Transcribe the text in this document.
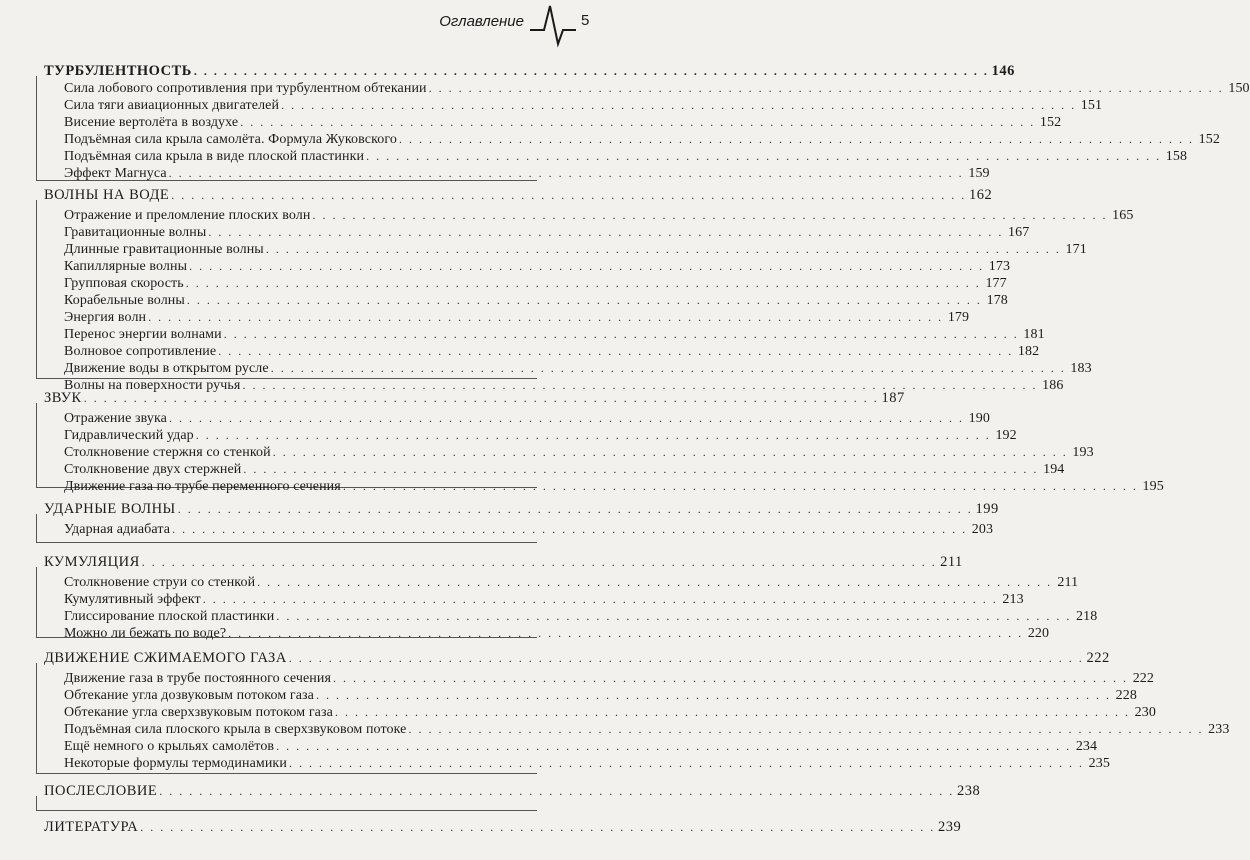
Оглавление	5
ТУРБУЛЕНТНОСТЬ . . . . . . . . . . . . . . . . . . . . . . . . . . . . . . . . . . . . . . . . . . . . . . . . . . . . . . . . . . . . . . . . . . . . . . . . . . . . . . . . 146
Сила лобового сопротивления при турбулентном обтекании . . . . . . . . . . . . . . . . . . . . . . . . . . . . . . . . . . . . . . . . . . . . . . . . . . . . . . . . . . . . . . . . . . . . . . . . . . . . . . . . 150
Сила тяги авиационных двигателей . . . . . . . . . . . . . . . . . . . . . . . . . . . . . . . . . . . . . . . . . . . . . . . . . . . . . . . . . . . . . . . . . . . . . . . . . . . . . . . . 151
Висение вертолёта в воздухе . . . . . . . . . . . . . . . . . . . . . . . . . . . . . . . . . . . . . . . . . . . . . . . . . . . . . . . . . . . . . . . . . . . . . . . . . . . . . . . . 152
Подъёмная сила крыла самолёта. Формула Жуковского . . . . . . . . . . . . . . . . . . . . . . . . . . . . . . . . . . . . . . . . . . . . . . . . . . . . . . . . . . . . . . . . . . . . . . . . . . . . . . . . 152
Подъёмная сила крыла в виде плоской пластинки . . . . . . . . . . . . . . . . . . . . . . . . . . . . . . . . . . . . . . . . . . . . . . . . . . . . . . . . . . . . . . . . . . . . . . . . . . . . . . . . 158
Эффект Магнуса . . . . . . . . . . . . . . . . . . . . . . . . . . . . . . . . . . . . . . . . . . . . . . . . . . . . . . . . . . . . . . . . . . . . . . . . . . . . . . . . 159
ВОЛНЫ НА ВОДЕ . . . . . . . . . . . . . . . . . . . . . . . . . . . . . . . . . . . . . . . . . . . . . . . . . . . . . . . . . . . . . . . . . . . . . . . . . . . . . . . . 162
Отражение и преломление плоских волн . . . . . . . . . . . . . . . . . . . . . . . . . . . . . . . . . . . . . . . . . . . . . . . . . . . . . . . . . . . . . . . . . . . . . . . . . . . . . . . . 165
Гравитационные волны . . . . . . . . . . . . . . . . . . . . . . . . . . . . . . . . . . . . . . . . . . . . . . . . . . . . . . . . . . . . . . . . . . . . . . . . . . . . . . . . 167
Длинные гравитационные волны . . . . . . . . . . . . . . . . . . . . . . . . . . . . . . . . . . . . . . . . . . . . . . . . . . . . . . . . . . . . . . . . . . . . . . . . . . . . . . . . 171
Капиллярные волны . . . . . . . . . . . . . . . . . . . . . . . . . . . . . . . . . . . . . . . . . . . . . . . . . . . . . . . . . . . . . . . . . . . . . . . . . . . . . . . . 173
Групповая скорость . . . . . . . . . . . . . . . . . . . . . . . . . . . . . . . . . . . . . . . . . . . . . . . . . . . . . . . . . . . . . . . . . . . . . . . . . . . . . . . . 177
Корабельные волны . . . . . . . . . . . . . . . . . . . . . . . . . . . . . . . . . . . . . . . . . . . . . . . . . . . . . . . . . . . . . . . . . . . . . . . . . . . . . . . . 178
Энергия волн . . . . . . . . . . . . . . . . . . . . . . . . . . . . . . . . . . . . . . . . . . . . . . . . . . . . . . . . . . . . . . . . . . . . . . . . . . . . . . . . 179
Перенос энергии волнами . . . . . . . . . . . . . . . . . . . . . . . . . . . . . . . . . . . . . . . . . . . . . . . . . . . . . . . . . . . . . . . . . . . . . . . . . . . . . . . . 181
Волновое сопротивление . . . . . . . . . . . . . . . . . . . . . . . . . . . . . . . . . . . . . . . . . . . . . . . . . . . . . . . . . . . . . . . . . . . . . . . . . . . . . . . . 182
Движение воды в открытом русле . . . . . . . . . . . . . . . . . . . . . . . . . . . . . . . . . . . . . . . . . . . . . . . . . . . . . . . . . . . . . . . . . . . . . . . . . . . . . . . . 183
Волны на поверхности ручья . . . . . . . . . . . . . . . . . . . . . . . . . . . . . . . . . . . . . . . . . . . . . . . . . . . . . . . . . . . . . . . . . . . . . . . . . . . . . . . . 186
ЗВУК . . . . . . . . . . . . . . . . . . . . . . . . . . . . . . . . . . . . . . . . . . . . . . . . . . . . . . . . . . . . . . . . . . . . . . . . . . . . . . . . 187
Отражение звука . . . . . . . . . . . . . . . . . . . . . . . . . . . . . . . . . . . . . . . . . . . . . . . . . . . . . . . . . . . . . . . . . . . . . . . . . . . . . . . . 190
Гидравлический удар . . . . . . . . . . . . . . . . . . . . . . . . . . . . . . . . . . . . . . . . . . . . . . . . . . . . . . . . . . . . . . . . . . . . . . . . . . . . . . . . 192
Столкновение стержня со стенкой . . . . . . . . . . . . . . . . . . . . . . . . . . . . . . . . . . . . . . . . . . . . . . . . . . . . . . . . . . . . . . . . . . . . . . . . . . . . . . . . 193
Столкновение двух стержней . . . . . . . . . . . . . . . . . . . . . . . . . . . . . . . . . . . . . . . . . . . . . . . . . . . . . . . . . . . . . . . . . . . . . . . . . . . . . . . . 194
Движение газа по трубе переменного сечения . . . . . . . . . . . . . . . . . . . . . . . . . . . . . . . . . . . . . . . . . . . . . . . . . . . . . . . . . . . . . . . . . . . . . . . . . . . . . . . . 195
УДАРНЫЕ ВОЛНЫ . . . . . . . . . . . . . . . . . . . . . . . . . . . . . . . . . . . . . . . . . . . . . . . . . . . . . . . . . . . . . . . . . . . . . . . . . . . . . . . . 199
Ударная адиабата . . . . . . . . . . . . . . . . . . . . . . . . . . . . . . . . . . . . . . . . . . . . . . . . . . . . . . . . . . . . . . . . . . . . . . . . . . . . . . . . 203
КУМУЛЯЦИЯ . . . . . . . . . . . . . . . . . . . . . . . . . . . . . . . . . . . . . . . . . . . . . . . . . . . . . . . . . . . . . . . . . . . . . . . . . . . . . . . . 211
Столкновение струи со стенкой . . . . . . . . . . . . . . . . . . . . . . . . . . . . . . . . . . . . . . . . . . . . . . . . . . . . . . . . . . . . . . . . . . . . . . . . . . . . . . . . 211
Кумулятивный эффект . . . . . . . . . . . . . . . . . . . . . . . . . . . . . . . . . . . . . . . . . . . . . . . . . . . . . . . . . . . . . . . . . . . . . . . . . . . . . . . . 213
Глиссирование плоской пластинки . . . . . . . . . . . . . . . . . . . . . . . . . . . . . . . . . . . . . . . . . . . . . . . . . . . . . . . . . . . . . . . . . . . . . . . . . . . . . . . . 218
Можно ли бежать по воде? . . . . . . . . . . . . . . . . . . . . . . . . . . . . . . . . . . . . . . . . . . . . . . . . . . . . . . . . . . . . . . . . . . . . . . . . . . . . . . . . 220
ДВИЖЕНИЕ СЖИМАЕМОГО ГАЗА . . . . . . . . . . . . . . . . . . . . . . . . . . . . . . . . . . . . . . . . . . . . . . . . . . . . . . . . . . . . . . . . . . . . . . . . . . . . . . . . 222
Движение газа в трубе постоянного сечения . . . . . . . . . . . . . . . . . . . . . . . . . . . . . . . . . . . . . . . . . . . . . . . . . . . . . . . . . . . . . . . . . . . . . . . . . . . . . . . . 222
Обтекание угла дозвуковым потоком газа . . . . . . . . . . . . . . . . . . . . . . . . . . . . . . . . . . . . . . . . . . . . . . . . . . . . . . . . . . . . . . . . . . . . . . . . . . . . . . . . 228
Обтекание угла сверхзвуковым потоком газа . . . . . . . . . . . . . . . . . . . . . . . . . . . . . . . . . . . . . . . . . . . . . . . . . . . . . . . . . . . . . . . . . . . . . . . . . . . . . . . . 230
Подъёмная сила плоского крыла в сверхзвуковом потоке . . . . . . . . . . . . . . . . . . . . . . . . . . . . . . . . . . . . . . . . . . . . . . . . . . . . . . . . . . . . . . . . . . . . . . . . . . . . . . . . 233
Ещё немного о крыльях самолётов . . . . . . . . . . . . . . . . . . . . . . . . . . . . . . . . . . . . . . . . . . . . . . . . . . . . . . . . . . . . . . . . . . . . . . . . . . . . . . . . 234
Некоторые формулы термодинамики . . . . . . . . . . . . . . . . . . . . . . . . . . . . . . . . . . . . . . . . . . . . . . . . . . . . . . . . . . . . . . . . . . . . . . . . . . . . . . . . 235
ПОСЛЕСЛОВИЕ . . . . . . . . . . . . . . . . . . . . . . . . . . . . . . . . . . . . . . . . . . . . . . . . . . . . . . . . . . . . . . . . . . . . . . . . . . . . . . . . 238
ЛИТЕРАТУРА . . . . . . . . . . . . . . . . . . . . . . . . . . . . . . . . . . . . . . . . . . . . . . . . . . . . . . . . . . . . . . . . . . . . . . . . . . . . . . . . 239
